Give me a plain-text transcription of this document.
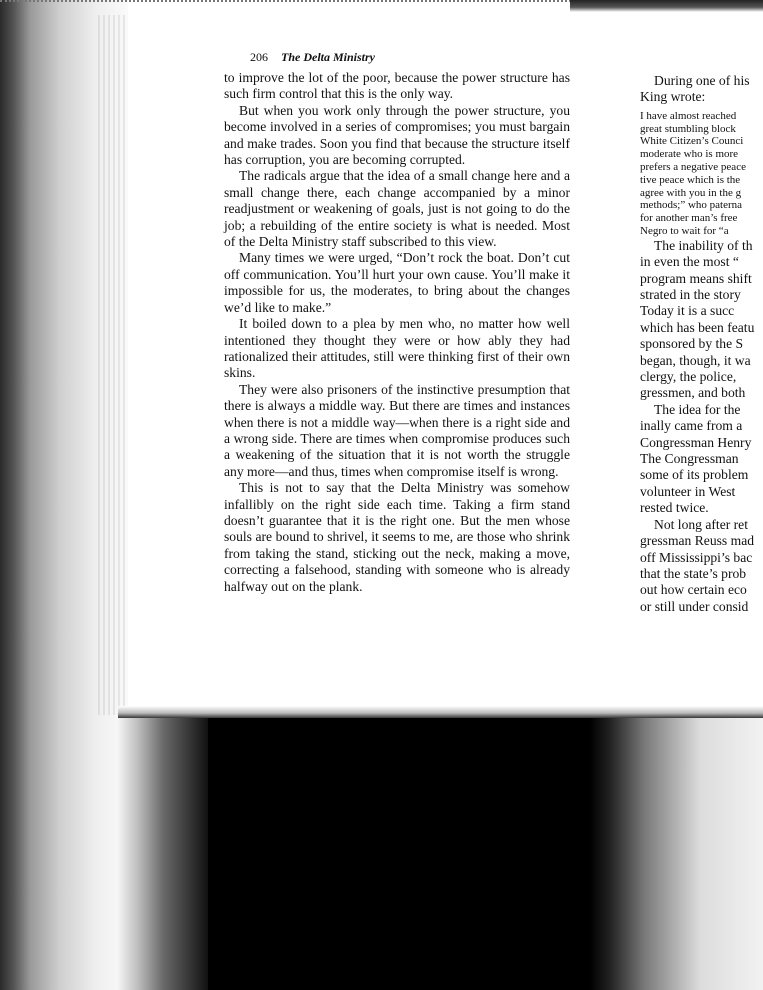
206 The Delta Ministry

to improve the lot of the poor, because the power structure has such firm control that this is the only way.

But when you work only through the power structure, you become involved in a series of compromises; you must bargain and make trades. Soon you find that because the structure itself has corruption, you are becoming corrupted.

The radicals argue that the idea of a small change here and a small change there, each change accompanied by a minor readjustment or weakening of goals, just is not going to do the job; a rebuilding of the entire society is what is needed. Most of the Delta Ministry staff subscribed to this view.

Many times we were urged, “Don’t rock the boat. Don’t cut off communication. You’ll hurt your own cause. You’ll make it impossible for us, the moderates, to bring about the changes we’d like to make.”

It boiled down to a plea by men who, no matter how well intentioned they thought they were or how ably they had rationalized their attitudes, still were thinking first of their own skins.

They were also prisoners of the instinctive presumption that there is always a middle way. But there are times and instances when there is not a middle way—when there is a right side and a wrong side. There are times when compromise produces such a weakening of the situation that it is not worth the struggle any more—and thus, times when compromise itself is wrong.

This is not to say that the Delta Ministry was somehow infallibly on the right side each time. Taking a firm stand doesn’t guarantee that it is the right one. But the men whose souls are bound to shrivel, it seems to me, are those who shrink from taking the stand, sticking out the neck, making a move, correcting a falsehood, standing with someone who is already halfway out on the plank.

During one of his
King wrote:
I have almost reached
great stumbling block
White Citizen’s Counci
moderate who is more
prefers a negative peace
tive peace which is the
agree with you in the g
methods;” who paterna
for another man’s free
Negro to wait for “a
The inability of th
in even the most “
program means shift
strated in the story
Today it is a succ
which has been featu
sponsored by the S
began, though, it wa
clergy, the police,
gressmen, and both
The idea for the
inally came from a
Congressman Henry
The Congressman
some of its problem
volunteer in West
rested twice.
Not long after ret
gressman Reuss mad
off Mississippi’s bac
that the state’s prob
out how certain eco
or still under consid
